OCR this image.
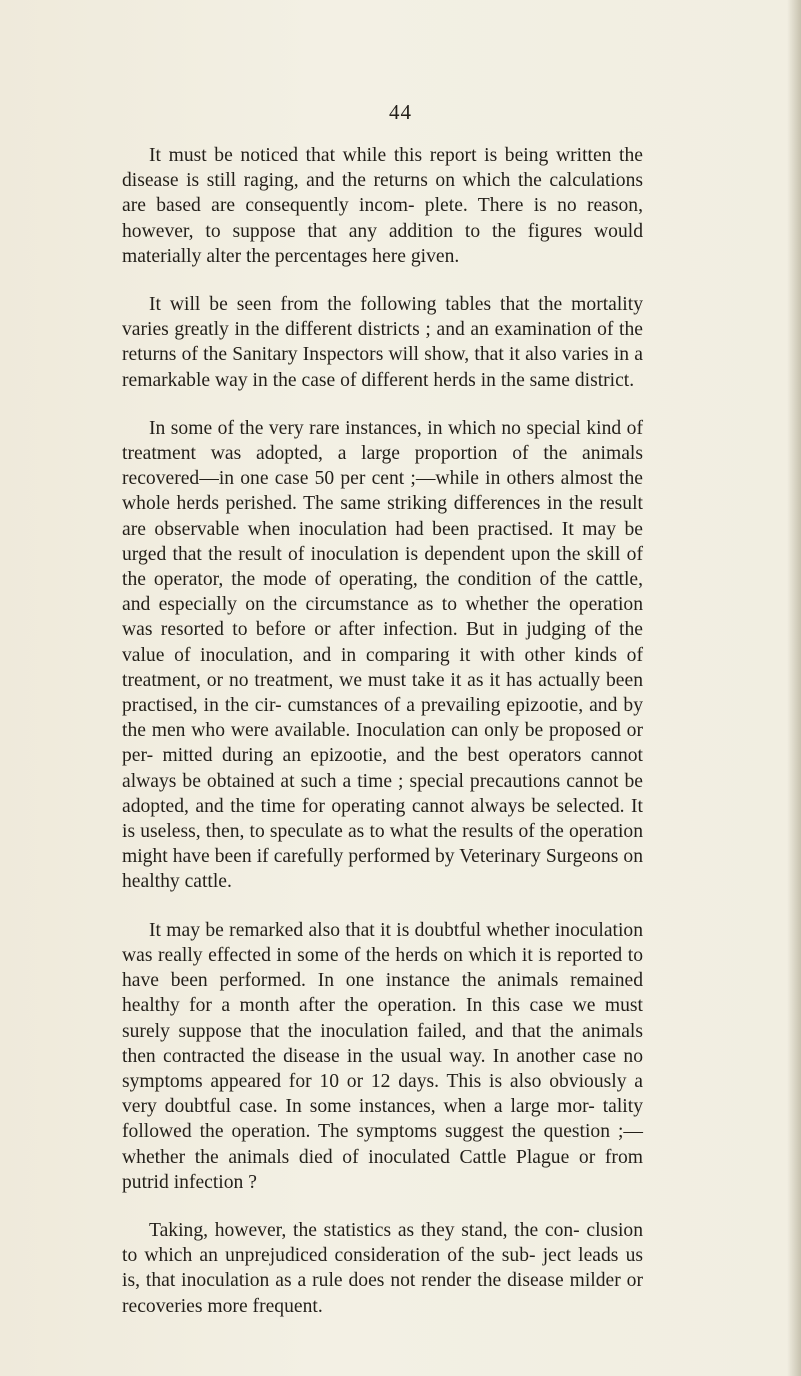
44

It must be noticed that while this report is being written the disease is still raging, and the returns on which the calculations are based are consequently incom- plete. There is no reason, however, to suppose that any addition to the figures would materially alter the percentages here given.

It will be seen from the following tables that the mortality varies greatly in the different districts ; and an examination of the returns of the Sanitary Inspectors will show, that it also varies in a remarkable way in the case of different herds in the same district.

In some of the very rare instances, in which no special kind of treatment was adopted, a large proportion of the animals recovered—in one case 50 per cent ;—while in others almost the whole herds perished. The same striking differences in the result are observable when inoculation had been practised. It may be urged that the result of inoculation is dependent upon the skill of the operator, the mode of operating, the condition of the cattle, and especially on the circumstance as to whether the operation was resorted to before or after infection. But in judging of the value of inoculation, and in comparing it with other kinds of treatment, or no treatment, we must take it as it has actually been practised, in the cir- cumstances of a prevailing epizootie, and by the men who were available. Inoculation can only be proposed or per- mitted during an epizootie, and the best operators cannot always be obtained at such a time ; special precautions cannot be adopted, and the time for operating cannot always be selected. It is useless, then, to speculate as to what the results of the operation might have been if carefully performed by Veterinary Surgeons on healthy cattle.

It may be remarked also that it is doubtful whether inoculation was really effected in some of the herds on which it is reported to have been performed. In one instance the animals remained healthy for a month after the operation. In this case we must surely suppose that the inoculation failed, and that the animals then contracted the disease in the usual way. In another case no symptoms appeared for 10 or 12 days. This is also obviously a very doubtful case. In some instances, when a large mor- tality followed the operation. The symptoms suggest the question ;—whether the animals died of inoculated Cattle Plague or from putrid infection ?

Taking, however, the statistics as they stand, the con- clusion to which an unprejudiced consideration of the sub- ject leads us is, that inoculation as a rule does not render the disease milder or recoveries more frequent.
